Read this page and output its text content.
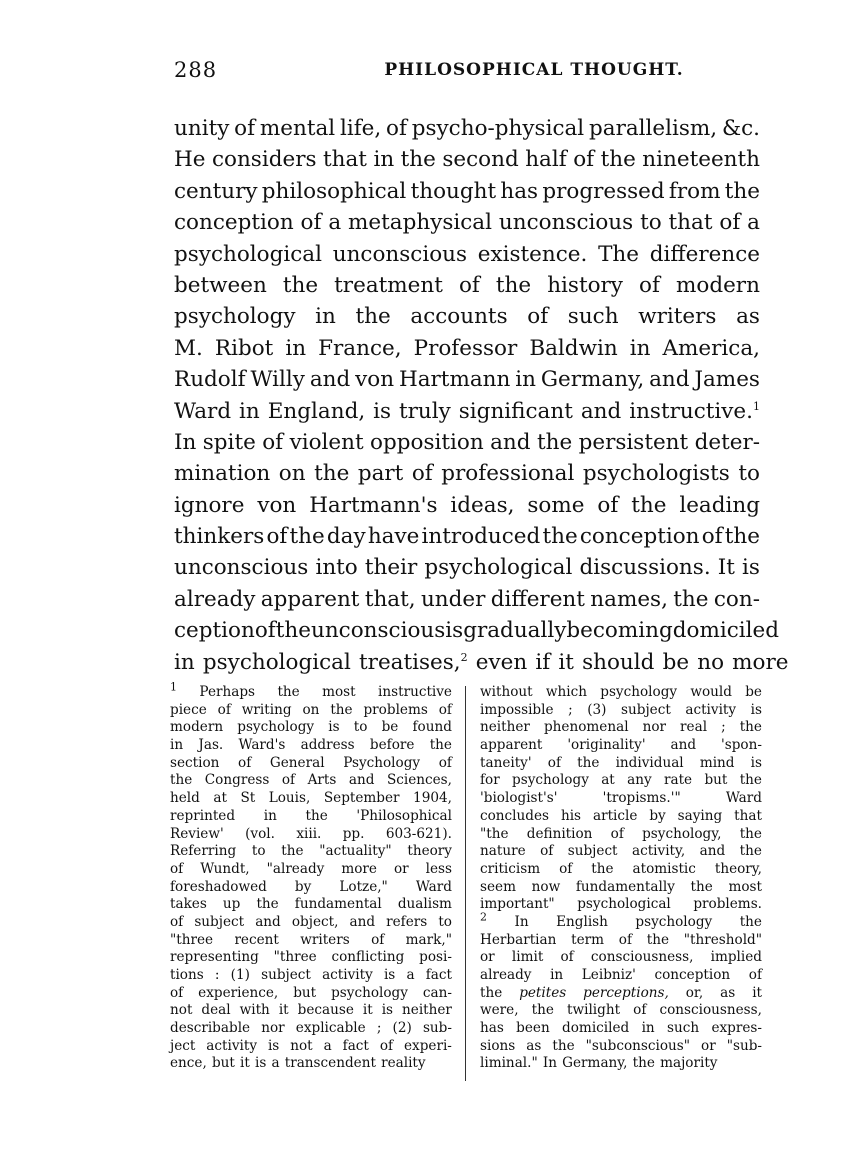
288	PHILOSOPHICAL THOUGHT.
unity of mental life, of psycho-physical parallelism, &c.
He considers that in the second half of the nineteenth
century philosophical thought has progressed from the
conception of a metaphysical unconscious to that of a
psychological unconscious existence. The difference
between the treatment of the history of modern
psychology in the accounts of such writers as
M. Ribot in France, Professor Baldwin in America,
Rudolf Willy and von Hartmann in Germany, and James
Ward in England, is truly significant and instructive.$^1$
In spite of violent opposition and the persistent deter-
mination on the part of professional psychologists to
ignore von Hartmann's ideas, some of the leading
thinkers of the day have introduced the conception of the
unconscious into their psychological discussions. It is
already apparent that, under different names, the con-
ception of the unconscious is gradually becoming domiciled
in psychological treatises,$^2$ even if it should be no more
$^1$ Perhaps the most instructive
piece of writing on the problems of
modern psychology is to be found
in Jas. Ward's address before the
section of General Psychology of
the Congress of Arts and Sciences,
held at St Louis, September 1904,
reprinted in the 'Philosophical
Review' (vol. xiii. pp. 603-621).
Referring to the "actuality" theory
of Wundt, "already more or less
foreshadowed by Lotze," Ward
takes up the fundamental dualism
of subject and object, and refers to
"three recent writers of mark,"
representing "three conflicting posi-
tions : (1) subject activity is a fact
of experience, but psychology can-
not deal with it because it is neither
describable nor explicable ; (2) sub-
ject activity is not a fact of experi-
ence, but it is a transcendent reality
without which psychology would be
impossible ; (3) subject activity is
neither phenomenal nor real ; the
apparent 'originality' and 'spon-
taneity' of the individual mind is
for psychology at any rate but the
'biologist's'	'tropisms.'"	Ward
concludes his article by saying that
"the definition of psychology, the
nature of subject activity, and the
criticism of the atomistic theory,
seem now fundamentally the most
important" psychological problems.
$^2$ In English psychology the
Herbartian term of the "threshold"
or limit of consciousness, implied
already in Leibniz' conception of
the petites perceptions, or, as it
were, the twilight of consciousness,
has been domiciled in such expres-
sions as the "subconscious" or "sub-
liminal." In Germany, the majority
